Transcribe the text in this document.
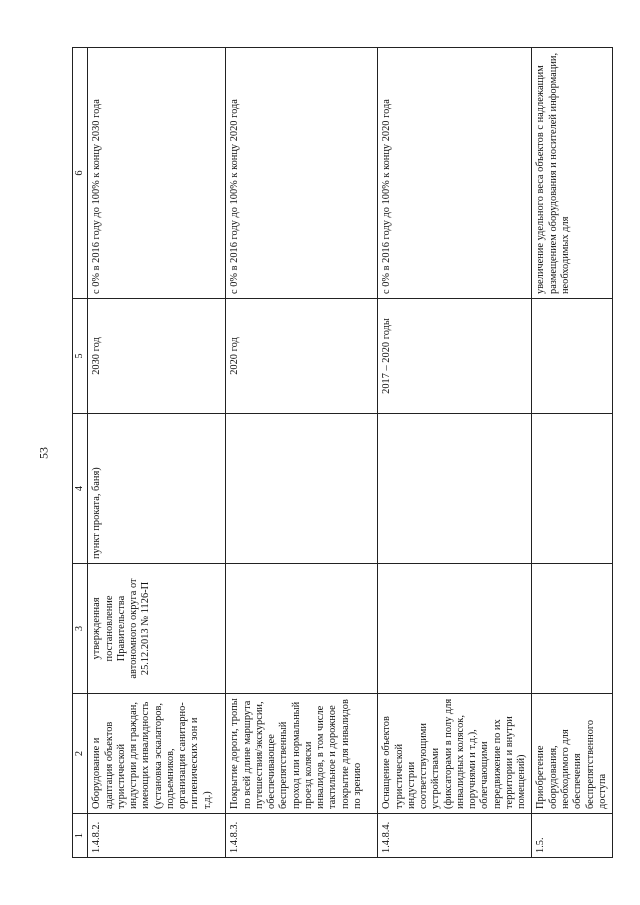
53
1	2	3	4	5	6
1.4.8.2.	Оборудование и адаптация объектов туристической индустрии для граждан, имеющих инвалидность (установка эскалаторов, подъемников, организация санитарно-гигиенических зон и т.д.)	утвержденная постановление Правительства автономного округа от 25.12.2013 № 1126-П	пункт проката, баня)	2030 год	с 0% в 2016 году до 100% к концу 2030 года
1.4.8.3.	Покрытие дороги, тропы по всей длине маршрута путешествия/экскурсии, обеспечивающее беспрепятственный проход или нормальный проезд коляски инвалидов, в том числе тактильное и дорожное покрытие для инвалидов по зрению			2020 год	с 0% в 2016 году до 100% к концу 2020 года
1.4.8.4.	Оснащение объектов туристической индустрии соответствующими устройствами (фиксаторами в полу для инвалидных колясок, поручнями и т.д.), облегчающими передвижение по их территории и внутри помещений)			2017 – 2020 годы	с 0% в 2016 году до 100% к концу 2020 года
1.5.	Приобретение оборудования, необходимого для обеспечения беспрепятственного доступа				увеличение удельного веса объектов с надлежащим размещением оборудования и носителей информации, необходимых для
